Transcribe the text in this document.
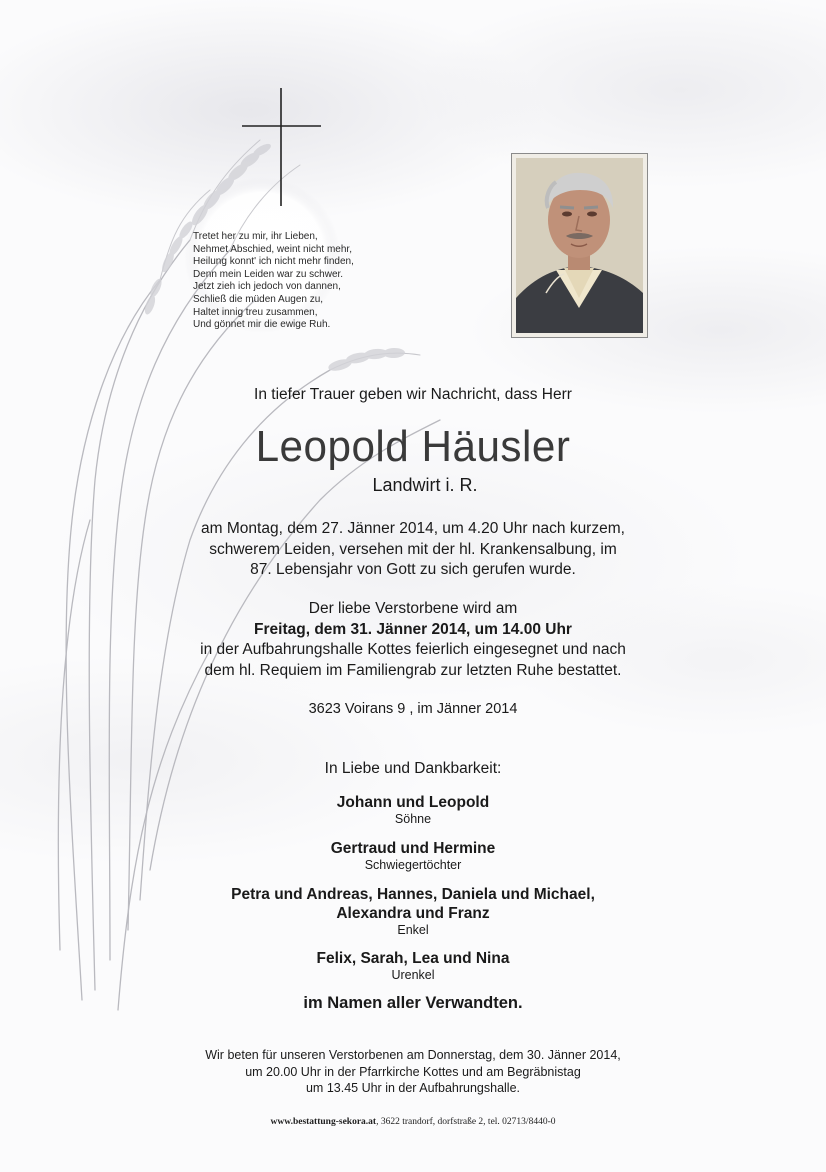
Tretet her zu mir, ihr Lieben,
Nehmet Abschied, weint nicht mehr,
Heilung konnt' ich nicht mehr finden,
Denn mein Leiden war zu schwer.
Jetzt zieh ich jedoch von dannen,
Schließ die müden Augen zu,
Haltet innig treu zusammen,
Und gönnet mir die ewige Ruh.
In tiefer Trauer geben wir Nachricht, dass Herr
Leopold Häusler
Landwirt i. R.
am Montag, dem 27. Jänner 2014, um 4.20 Uhr nach kurzem,
schwerem Leiden, versehen mit der hl. Krankensalbung, im
87. Lebensjahr von Gott zu sich gerufen wurde.
Der liebe Verstorbene wird am
Freitag, dem 31. Jänner 2014, um 14.00 Uhr
in der Aufbahrungshalle Kottes feierlich eingesegnet und nach
dem hl. Requiem im Familiengrab zur letzten Ruhe bestattet.
3623 Voirans 9 , im Jänner 2014
In Liebe und Dankbarkeit:
Johann und Leopold
Söhne
Gertraud und Hermine
Schwiegertöchter
Petra und Andreas, Hannes, Daniela und Michael,
Alexandra und Franz
Enkel
Felix, Sarah, Lea und Nina
Urenkel
im Namen aller Verwandten.
Wir beten für unseren Verstorbenen am Donnerstag, dem 30. Jänner 2014,
um 20.00 Uhr in der Pfarrkirche Kottes und am Begräbnistag
um 13.45 Uhr in der Aufbahrungshalle.
www.bestattung-sekora.at, 3622 trandorf, dorfstraße 2, tel. 02713/8440-0
